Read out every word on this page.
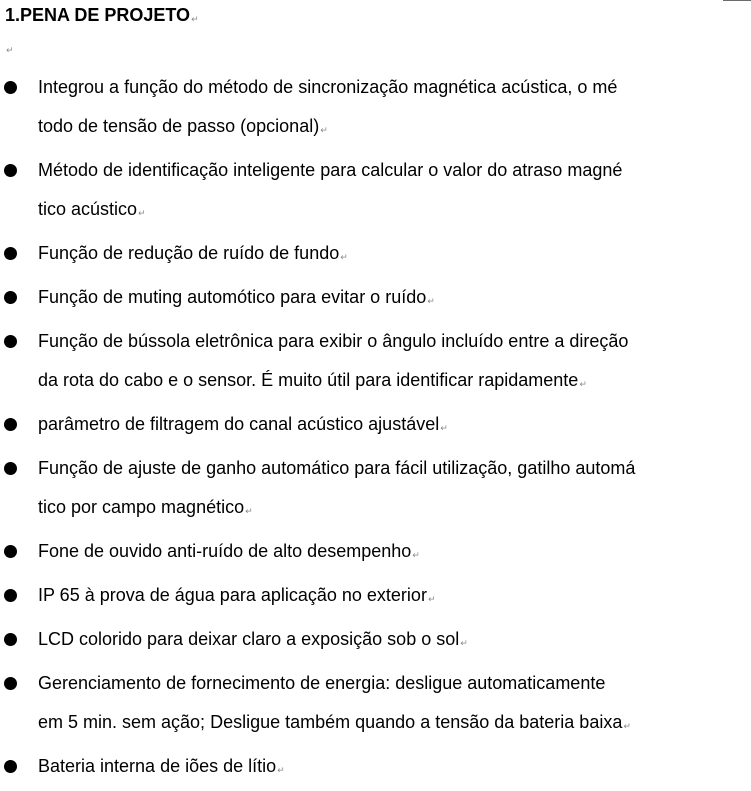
1.PENA DE PROJETO↵
↵
Integrou a função do método de sincronização magnética acústica, o mé
todo de tensão de passo (opcional)↵
Método de identificação inteligente para calcular o valor do atraso magné
tico acústico↵
Função de redução de ruído de fundo↵
Função de muting automótico para evitar o ruído↵
Função de bússola eletrônica para exibir o ângulo incluído entre a direção
da rota do cabo e o sensor. É muito útil para identificar rapidamente↵
parâmetro de filtragem do canal acústico ajustável↵
Função de ajuste de ganho automático para fácil utilização, gatilho automá
tico por campo magnético↵
Fone de ouvido anti-ruído de alto desempenho↵
IP 65 à prova de água para aplicação no exterior↵
LCD colorido para deixar claro a exposição sob o sol↵
Gerenciamento de fornecimento de energia: desligue automaticamente
em 5 min. sem ação; Desligue também quando a tensão da bateria baixa↵
Bateria interna de iões de lítio↵
